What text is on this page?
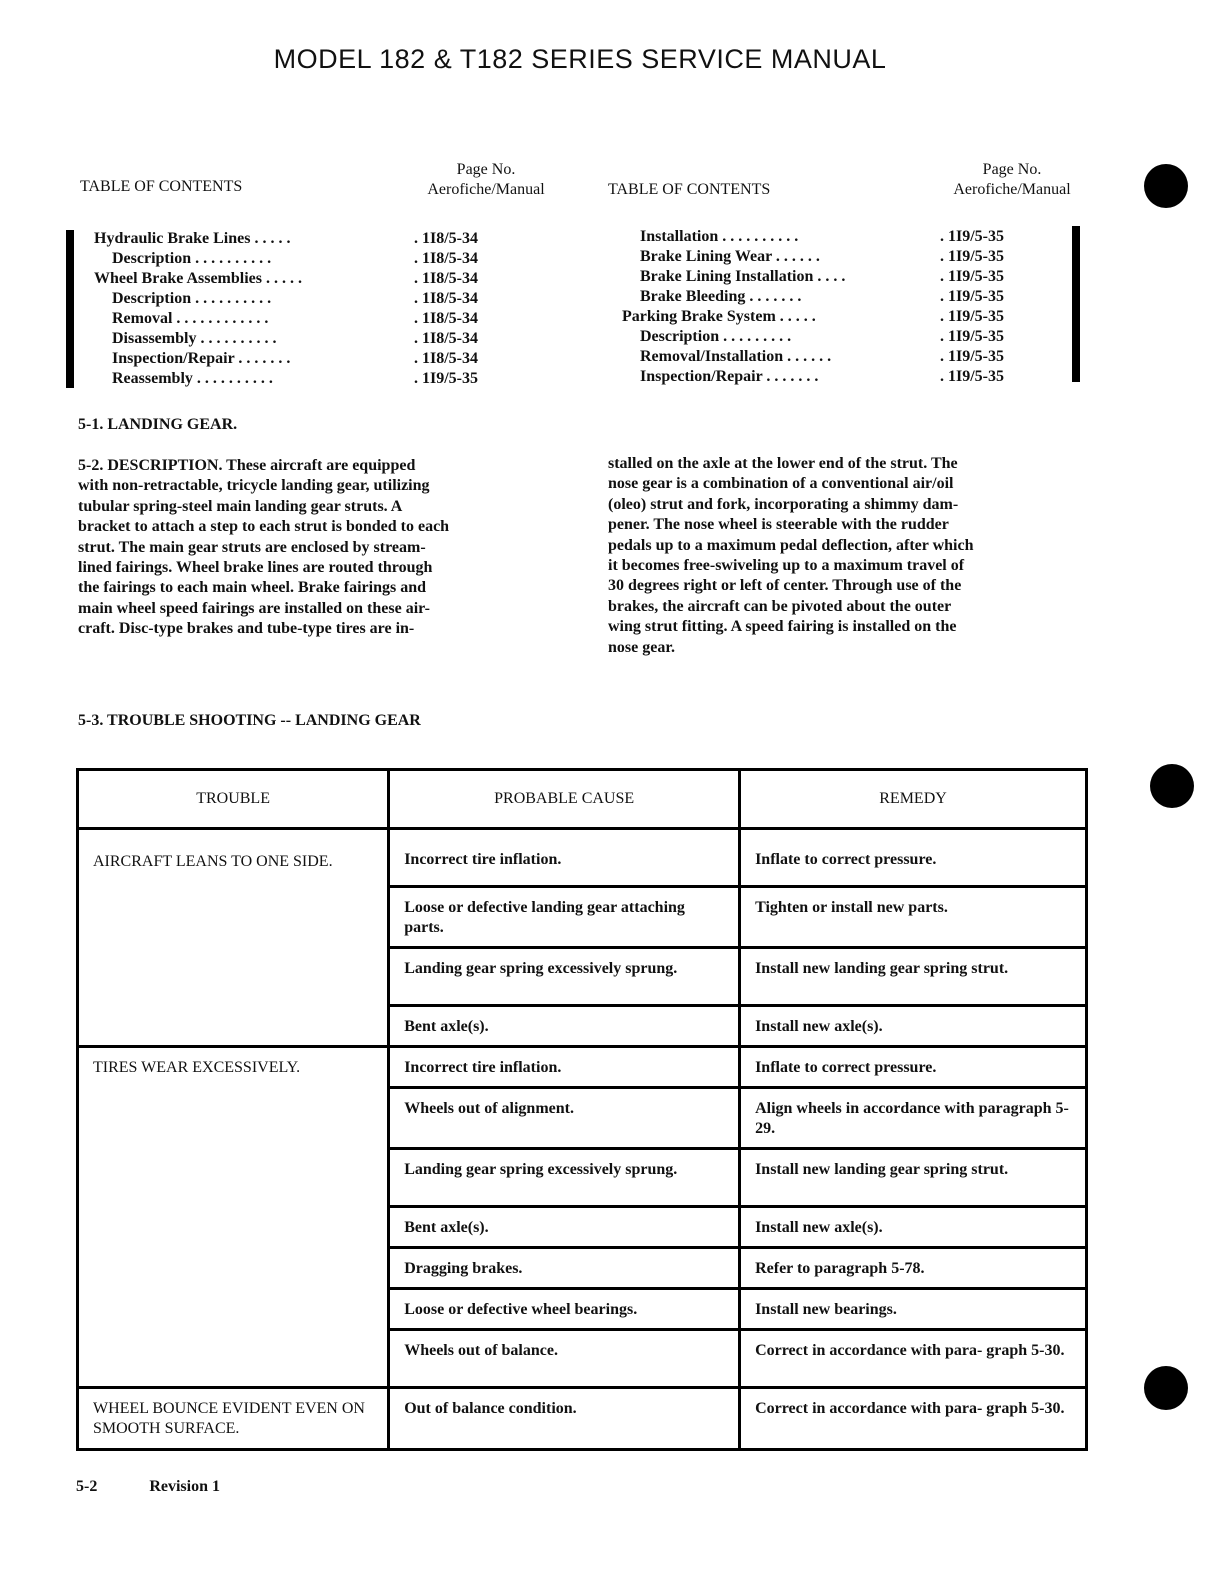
MODEL 182 & T182 SERIES SERVICE MANUAL
TABLE OF CONTENTS
Page No.
Aerofiche/Manual
Hydraulic Brake Lines . . . . .	. 1I8/5-34
Description . . . . . . . . . .	. 1I8/5-34
Wheel Brake Assemblies . . . . .	. 1I8/5-34
Description . . . . . . . . . .	. 1I8/5-34
Removal . . . . . . . . . . . .	. 1I8/5-34
Disassembly . . . . . . . . . .	. 1I8/5-34
Inspection/Repair . . . . . . .	. 1I8/5-34
Reassembly . . . . . . . . . .	. 1I9/5-35
TABLE OF CONTENTS
Page No.
Aerofiche/Manual
Installation . . . . . . . . . .	. 1I9/5-35
Brake Lining Wear . . . . . .	. 1I9/5-35
Brake Lining Installation . . . .	. 1I9/5-35
Brake Bleeding . . . . . . .	. 1I9/5-35
Parking Brake System . . . . .	. 1I9/5-35
Description . . . . . . . . .	. 1I9/5-35
Removal/Installation . . . . . .	. 1I9/5-35
Inspection/Repair . . . . . . .	. 1I9/5-35
5-1. LANDING GEAR.

5-2. DESCRIPTION. These aircraft are equipped

with non-retractable, tricycle landing gear, utilizing

tubular spring-steel main landing gear struts. A

bracket to attach a step to each strut is bonded to each

strut. The main gear struts are enclosed by stream-

lined fairings. Wheel brake lines are routed through

the fairings to each main wheel. Brake fairings and

main wheel speed fairings are installed on these air-

craft. Disc-type brakes and tube-type tires are in-

stalled on the axle at the lower end of the strut. The

nose gear is a combination of a conventional air/oil

(oleo) strut and fork, incorporating a shimmy dam-

pener. The nose wheel is steerable with the rudder

pedals up to a maximum pedal deflection, after which

it becomes free-swiveling up to a maximum travel of

30 degrees right or left of center. Through use of the

brakes, the aircraft can be pivoted about the outer

wing strut fitting. A speed fairing is installed on the

nose gear.

5-3. TROUBLE SHOOTING -- LANDING GEAR
TROUBLE	PROBABLE CAUSE	REMEDY
AIRCRAFT LEANS TO ONE SIDE.	Incorrect tire inflation.	Inflate to correct pressure.
	Loose or defective landing gear attaching parts.	Tighten or install new parts.
	Landing gear spring excessively sprung.	Install new landing gear spring strut.
	Bent axle(s).	Install new axle(s).
TIRES WEAR EXCESSIVELY.	Incorrect tire inflation.	Inflate to correct pressure.
	Wheels out of alignment.	Align wheels in accordance with paragraph 5-29.
	Landing gear spring excessively sprung.	Install new landing gear spring strut.
	Bent axle(s).	Install new axle(s).
	Dragging brakes.	Refer to paragraph 5-78.
	Loose or defective wheel bearings.	Install new bearings.
	Wheels out of balance.	Correct in accordance with para- graph 5-30.
WHEEL BOUNCE EVIDENT EVEN ON SMOOTH SURFACE.	Out of balance condition.	Correct in accordance with para- graph 5-30.
5-2	Revision 1
